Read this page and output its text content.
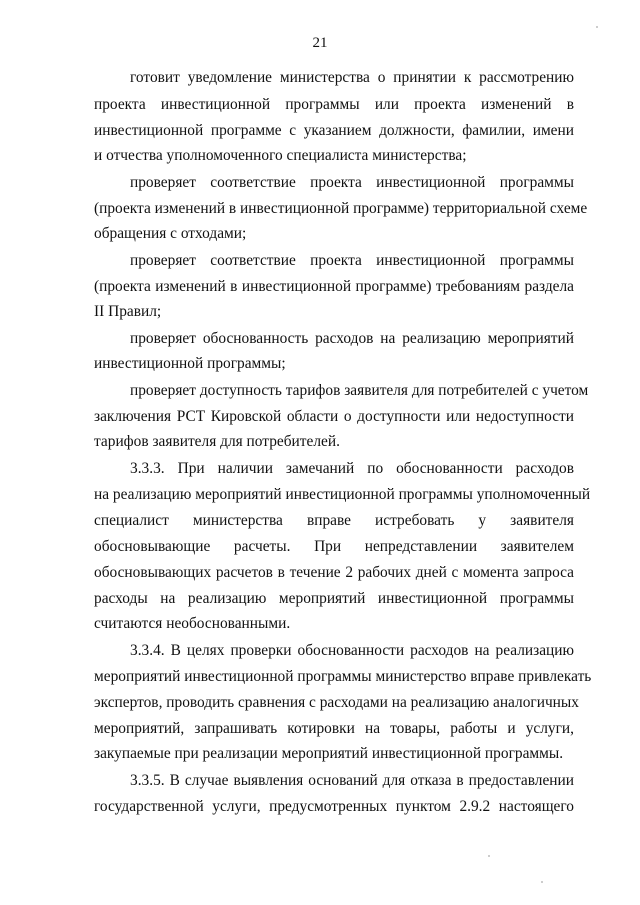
21
готовит уведомление министерства о принятии к рассмотрению
проекта инвестиционной программы или проекта изменений в
инвестиционной программе с указанием должности, фамилии, имени
и отчества уполномоченного специалиста министерства;
проверяет соответствие проекта инвестиционной программы
(проекта изменений в инвестиционной программе) территориальной схеме
обращения с отходами;
проверяет соответствие проекта инвестиционной программы
(проекта изменений в инвестиционной программе) требованиям раздела
II Правил;
проверяет обоснованность расходов на реализацию мероприятий
инвестиционной программы;
проверяет доступность тарифов заявителя для потребителей с учетом
заключения РСТ Кировской области о доступности или недоступности
тарифов заявителя для потребителей.
3.3.3. При наличии замечаний по обоснованности расходов
на реализацию мероприятий инвестиционной программы уполномоченный
специалист министерства вправе истребовать у заявителя
обосновывающие расчеты. При непредставлении заявителем
обосновывающих расчетов в течение 2 рабочих дней с момента запроса
расходы на реализацию мероприятий инвестиционной программы
считаются необоснованными.
3.3.4. В целях проверки обоснованности расходов на реализацию
мероприятий инвестиционной программы министерство вправе привлекать
экспертов, проводить сравнения с расходами на реализацию аналогичных
мероприятий, запрашивать котировки на товары, работы и услуги,
закупаемые при реализации мероприятий инвестиционной программы.
3.3.5. В случае выявления оснований для отказа в предоставлении
государственной услуги, предусмотренных пунктом 2.9.2 настоящего
